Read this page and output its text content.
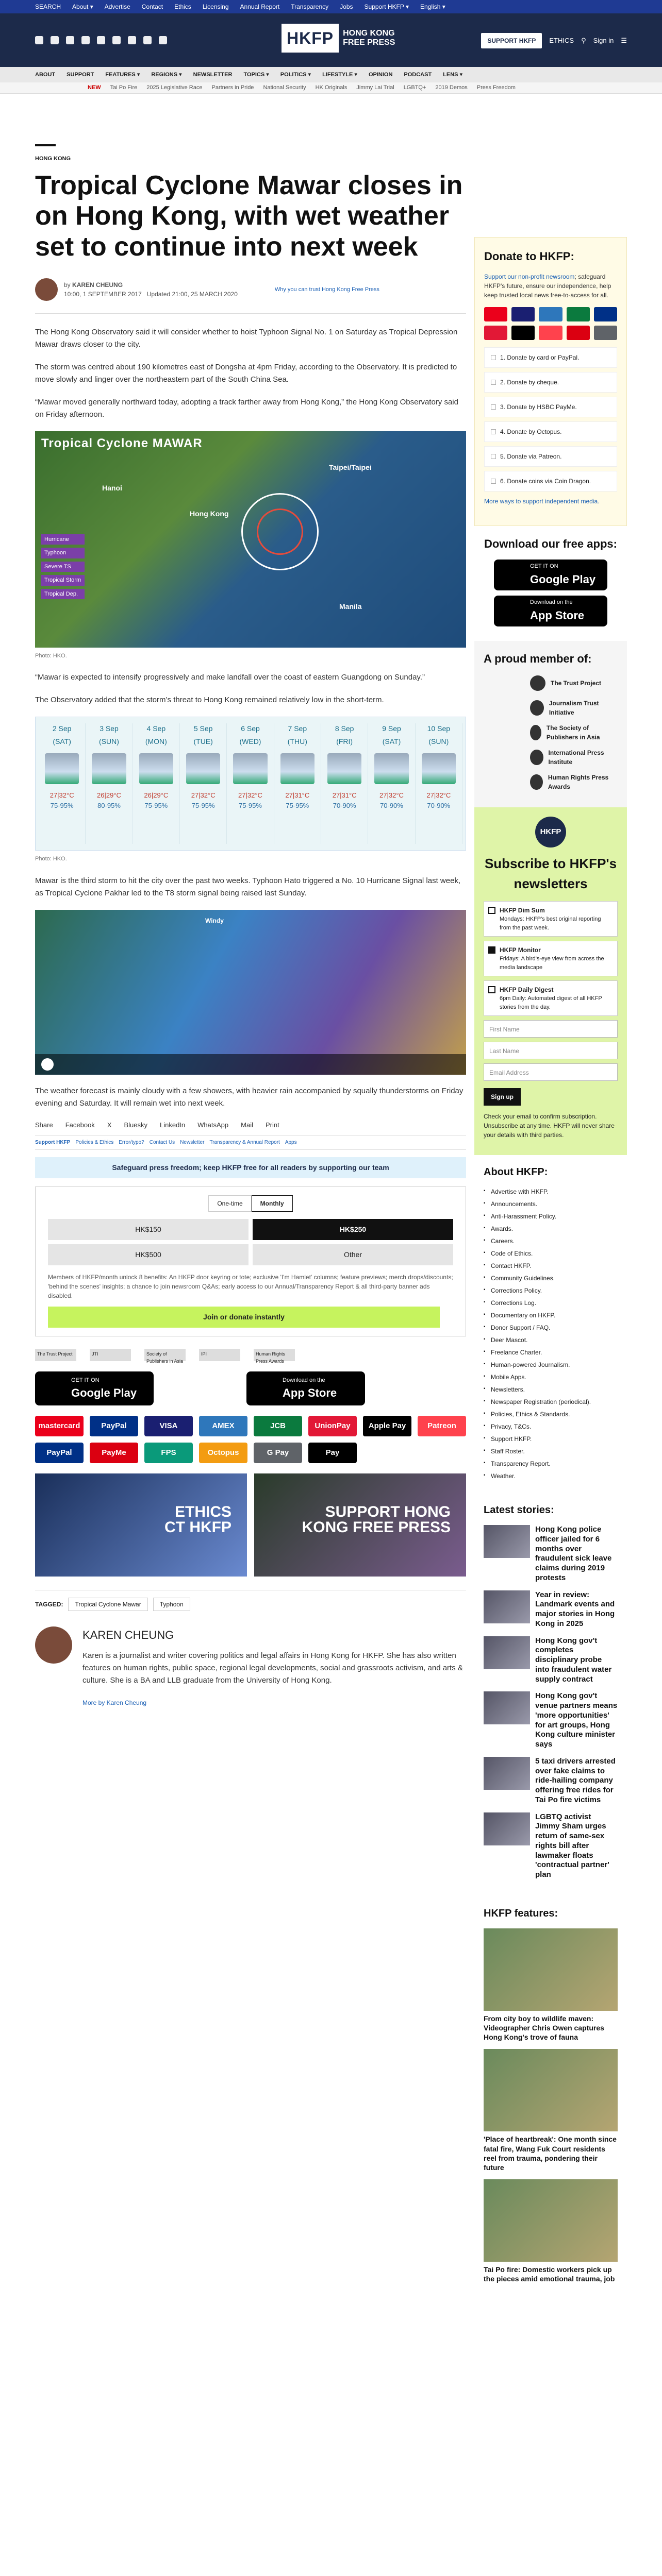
SEARCH About ▾ Advertise Contact Ethics Licensing Annual Report Transparency Jobs Support HKFP ▾ English ▾
HKFP	HONG KONG
FREE PRESS	SUPPORT HKFP	ETHICS ⚲ Sign in ☰
ABOUT SUPPORT FEATURES ▾ REGIONS ▾ NEWSLETTER TOPICS ▾ POLITICS ▾ LIFESTYLE ▾ OPINION PODCAST LENS ▾
NEW Tai Po Fire 2025 Legislative Race Partners in Pride National Security HK Originals Jimmy Lai Trial LGBTQ+ 2019 Demos Press Freedom
HONG KONG
Tropical Cyclone Mawar closes in on Hong Kong, with wet weather set to continue into next week
by KAREN CHEUNG
10:00, 1 SEPTEMBER 2017 Updated 21:00, 25 MARCH 2020
Why you can trust Hong Kong Free Press

The Hong Kong Observatory said it will consider whether to hoist Typhoon Signal No. 1 on Saturday as Tropical Depression Mawar draws closer to the city.

The storm was centred about 190 kilometres east of Dongsha at 4pm Friday, according to the Observatory. It is predicted to move slowly and linger over the northeastern part of the South China Sea.

“Mawar moved generally northward today, adopting a track farther away from Hong Kong,” the Hong Kong Observatory said on Friday afternoon.

Tropical Cyclone MAWAR
Hong Kong
Taipei/Taipei
Manila
Hanoi
Hurricane
Typhoon
Severe TS
Tropical Storm
Tropical Dep.
Photo: HKO.

“Mawar is expected to intensify progressively and make landfall over the coast of eastern Guangdong on Sunday.”

The Observatory added that the storm’s threat to Hong Kong remained relatively low in the short-term.

2 Sep
(SAT)
27|32°C
75-95%
3 Sep
(SUN)
26|29°C
80-95%
4 Sep
(MON)
26|29°C
75-95%
5 Sep
(TUE)
27|32°C
75-95%
6 Sep
(WED)
27|32°C
75-95%
7 Sep
(THU)
27|31°C
75-95%
8 Sep
(FRI)
27|31°C
70-90%
9 Sep
(SAT)
27|32°C
70-90%
10 Sep
(SUN)
27|32°C
70-90%
Photo: HKO.

Mawar is the third storm to hit the city over the past two weeks. Typhoon Hato triggered a No. 10 Hurricane Signal last week, as Tropical Cyclone Pakhar led to the T8 storm signal being raised last Sunday.

Windy

The weather forecast is mainly cloudy with a few showers, with heavier rain accompanied by squally thunderstorms on Friday evening and Saturday. It will remain wet into next week.

Share Facebook X Bluesky LinkedIn WhatsApp Mail Print
Support HKFP Policies & Ethics Error/typo? Contact Us Newsletter Transparency & Annual Report Apps
Safeguard press freedom; keep HKFP free for all readers by supporting our team
One-time	Monthly
HK$150	HK$250
HK$500	Other

Members of HKFP/month unlock 8 benefits: An HKFP door keyring or tote; exclusive 'I'm Hamlet' columns; feature previews; merch drops/discounts; 'behind the scenes' insights; a chance to join newsroom Q&As; early access to our Annual/Transparency Report & all third-party banner ads disabled.

Join or donate instantly
The Trust Project	JTI	Society of Publishers in Asia
IPI	Human Rights Press Awards
GET IT ON
Google Play
Download on the
App Store
mastercard	PayPal	VISA	AMEX	JCB	UnionPay	Apple Pay	Patreon
PayPal	PayMe	FPS	Octopus	G Pay	Pay
ETHICS
CT HKFP
SUPPORT HONG
KONG FREE PRESS
TAGGED:	Tropical Cyclone Mawar	Typhoon
KAREN CHEUNG

Karen is a journalist and writer covering politics and legal affairs in Hong Kong for HKFP. She has also written features on human rights, public space, regional legal developments, social and grassroots activism, and arts & culture. She is a BA and LLB graduate from the University of Hong Kong.

More by Karen Cheung
Donate to HKFP:

Support our non-profit newsroom; safeguard HKFP's future, ensure our independence, help keep trusted local news free-to-access for all.

1. Donate by card or PayPal.
2. Donate by cheque.
3. Donate by HSBC PayMe.
4. Donate by Octopus.
5. Donate via Patreon.
6. Donate coins via Coin Dragon.
More ways to support independent media.
Download our free apps:
GET IT ON
Google Play
Download on the
App Store
A proud member of:
The Trust Project
Journalism Trust Initiative
The Society of Publishers in Asia
International Press Institute
Human Rights Press Awards
HKFP
Subscribe to HKFP's newsletters
HKFP Dim Sum
Mondays: HKFP's best original reporting from the past week.
HKFP Monitor
Fridays: A bird's-eye view from across the media landscape
HKFP Daily Digest
6pm Daily: Automated digest of all HKFP stories from the day.
First Name
Last Name
Email Address
Sign up

Check your email to confirm subscription. Unsubscribe at any time. HKFP will never share your details with third parties.

About HKFP:
▪ Advertise with HKFP.
▪ Announcements.
▪ Anti-Harassment Policy.
▪ Awards.
▪ Careers.
▪ Code of Ethics.
▪ Contact HKFP.
▪ Community Guidelines.
▪ Corrections Policy.
▪ Corrections Log.
▪ Documentary on HKFP.
▪ Donor Support / FAQ.
▪ Deer Mascot.
▪ Freelance Charter.
▪ Human-powered Journalism.
▪ Mobile Apps.
▪ Newsletters.
▪ Newspaper Registration (periodical).
▪ Policies, Ethics & Standards.
▪ Privacy, T&Cs.
▪ Support HKFP.
▪ Staff Roster.
▪ Transparency Report.
▪ Weather.
Latest stories:

Hong Kong police officer jailed for 6 months over fraudulent sick leave claims during 2019 protests

Year in review: Landmark events and major stories in Hong Kong in 2025

Hong Kong gov't completes disciplinary probe into fraudulent water supply contract

Hong Kong gov't venue partners means 'more opportunities' for art groups, Hong Kong culture minister says

5 taxi drivers arrested over fake claims to ride-hailing company offering free rides for Tai Po fire victims

LGBTQ activist Jimmy Sham urges return of same-sex rights bill after lawmaker floats 'contractual partner' plan

HKFP features:

From city boy to wildlife maven: Videographer Chris Owen captures Hong Kong's trove of fauna

'Place of heartbreak': One month since fatal fire, Wang Fuk Court residents reel from trauma, pondering their future

Tai Po fire: Domestic workers pick up the pieces amid emotional trauma, job
